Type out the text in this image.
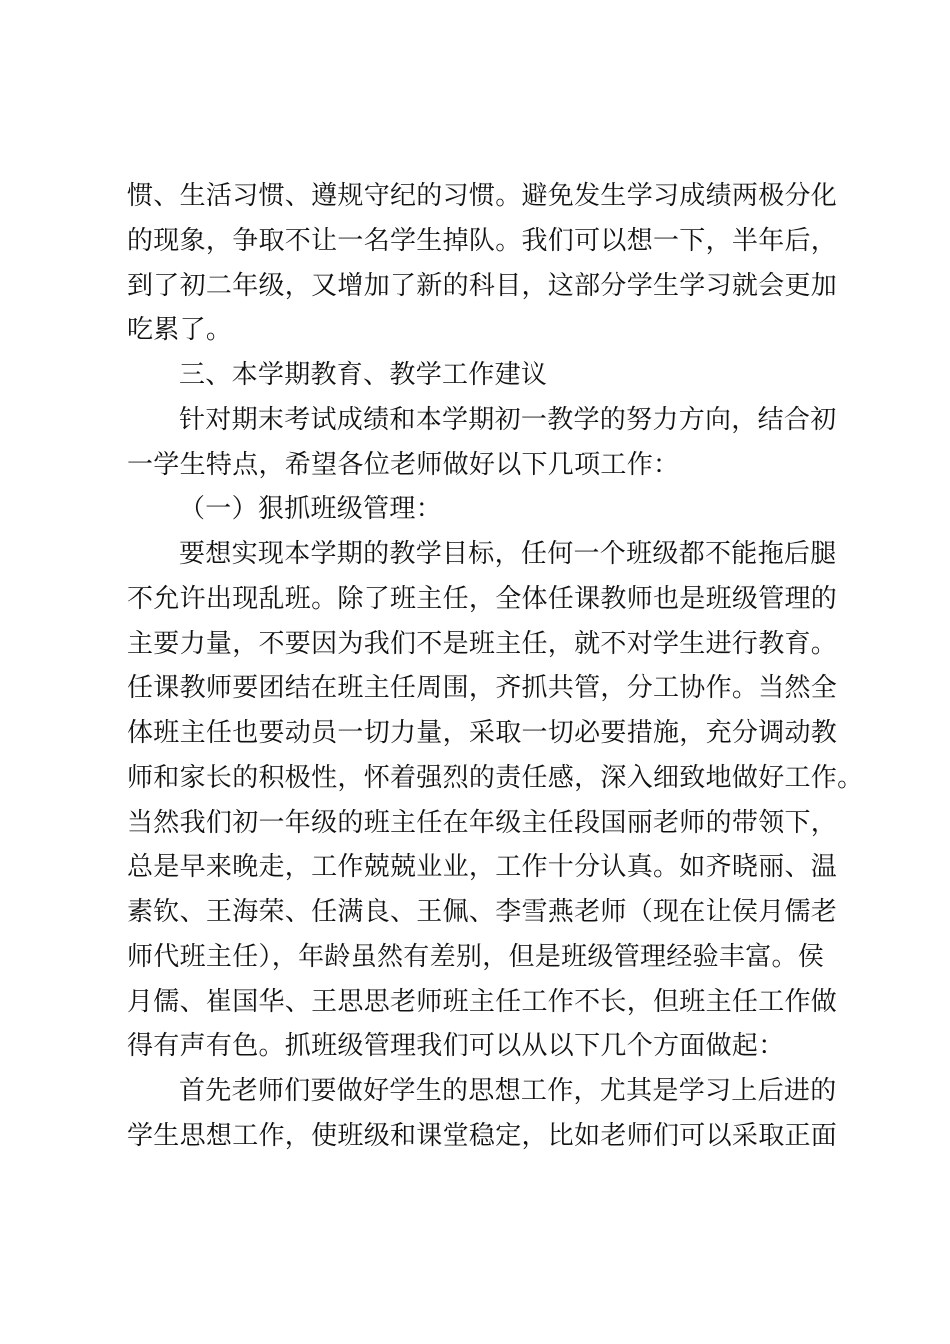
惯、生活习惯、遵规守纪的习惯。避免发生学习成绩两极分化
的现象，争取不让一名学生掉队。我们可以想一下，半年后，
到了初二年级，又增加了新的科目，这部分学生学习就会更加
吃累了。
三、本学期教育、教学工作建议
针对期末考试成绩和本学期初一教学的努力方向，结合初
一学生特点，希望各位老师做好以下几项工作：
（一）狠抓班级管理：
要想实现本学期的教学目标，任何一个班级都不能拖后腿
不允许出现乱班。除了班主任，全体任课教师也是班级管理的
主要力量，不要因为我们不是班主任，就不对学生进行教育。
任课教师要团结在班主任周围，齐抓共管，分工协作。当然全
体班主任也要动员一切力量，采取一切必要措施，充分调动教
师和家长的积极性，怀着强烈的责任感，深入细致地做好工作。
当然我们初一年级的班主任在年级主任段国丽老师的带领下，
总是早来晚走，工作兢兢业业，工作十分认真。如齐晓丽、温
素钦、王海荣、任满良、王佩、李雪燕老师（现在让侯月儒老
师代班主任），年龄虽然有差别，但是班级管理经验丰富。侯
月儒、崔国华、王思思老师班主任工作不长，但班主任工作做
得有声有色。抓班级管理我们可以从以下几个方面做起：
首先老师们要做好学生的思想工作，尤其是学习上后进的
学生思想工作，使班级和课堂稳定，比如老师们可以采取正面
